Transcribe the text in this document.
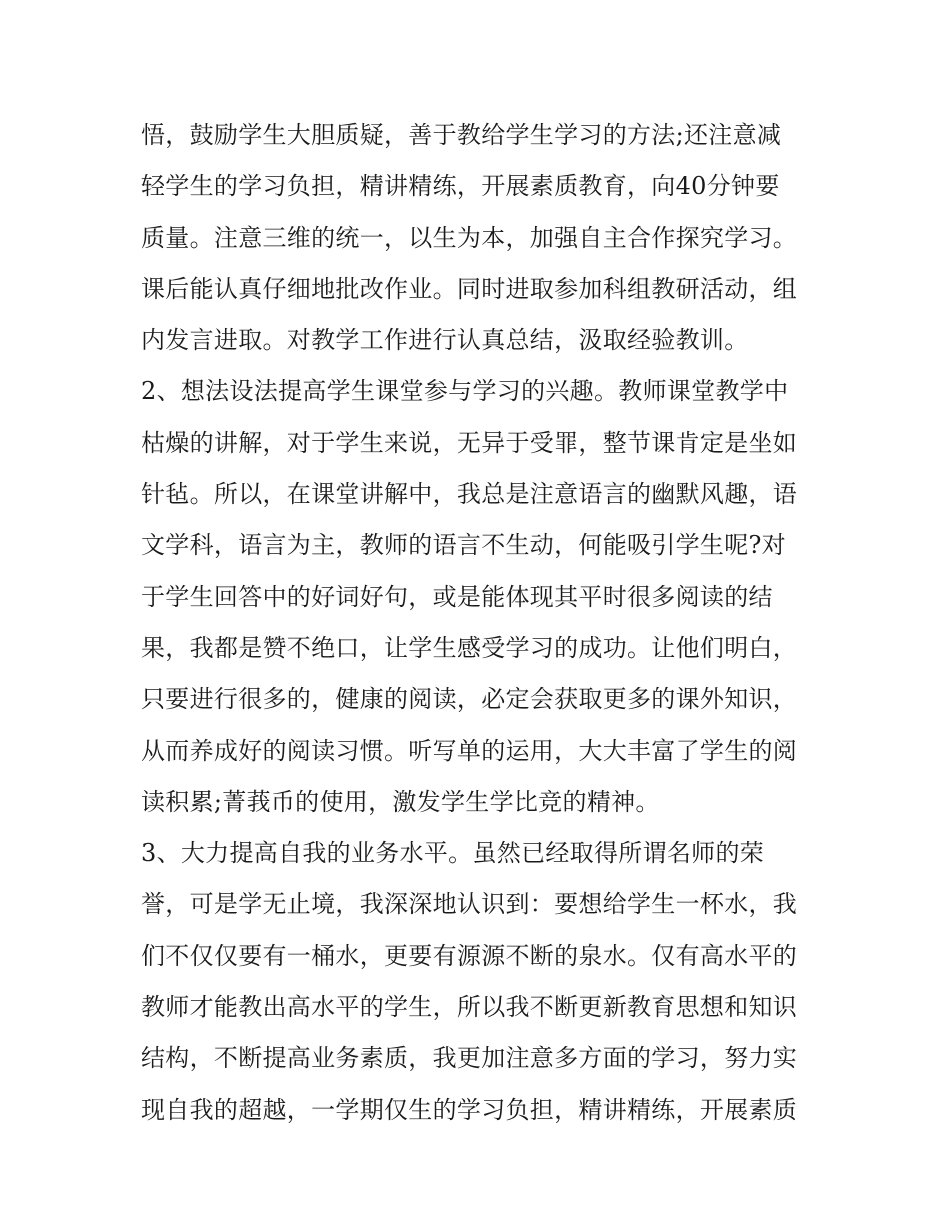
悟，鼓励学生大胆质疑，善于教给学生学习的方法;还注意减
轻学生的学习负担，精讲精练，开展素质教育，向40分钟要
质量。注意三维的统一，以生为本，加强自主合作探究学习。
课后能认真仔细地批改作业。同时进取参加科组教研活动，组
内发言进取。对教学工作进行认真总结，汲取经验教训。
2、想法设法提高学生课堂参与学习的兴趣。教师课堂教学中
枯燥的讲解，对于学生来说，无异于受罪，整节课肯定是坐如
针毡。所以，在课堂讲解中，我总是注意语言的幽默风趣，语
文学科，语言为主，教师的语言不生动，何能吸引学生呢?对
于学生回答中的好词好句，或是能体现其平时很多阅读的结
果，我都是赞不绝口，让学生感受学习的成功。让他们明白，
只要进行很多的，健康的阅读，必定会获取更多的课外知识，
从而养成好的阅读习惯。听写单的运用，大大丰富了学生的阅
读积累;菁莪币的使用，激发学生学比竞的精神。
3、大力提高自我的业务水平。虽然已经取得所谓名师的荣
誉，可是学无止境，我深深地认识到：要想给学生一杯水，我
们不仅仅要有一桶水，更要有源源不断的泉水。仅有高水平的
教师才能教出高水平的学生，所以我不断更新教育思想和知识
结构，不断提高业务素质，我更加注意多方面的学习，努力实
现自我的超越，一学期仅生的学习负担，精讲精练，开展素质
